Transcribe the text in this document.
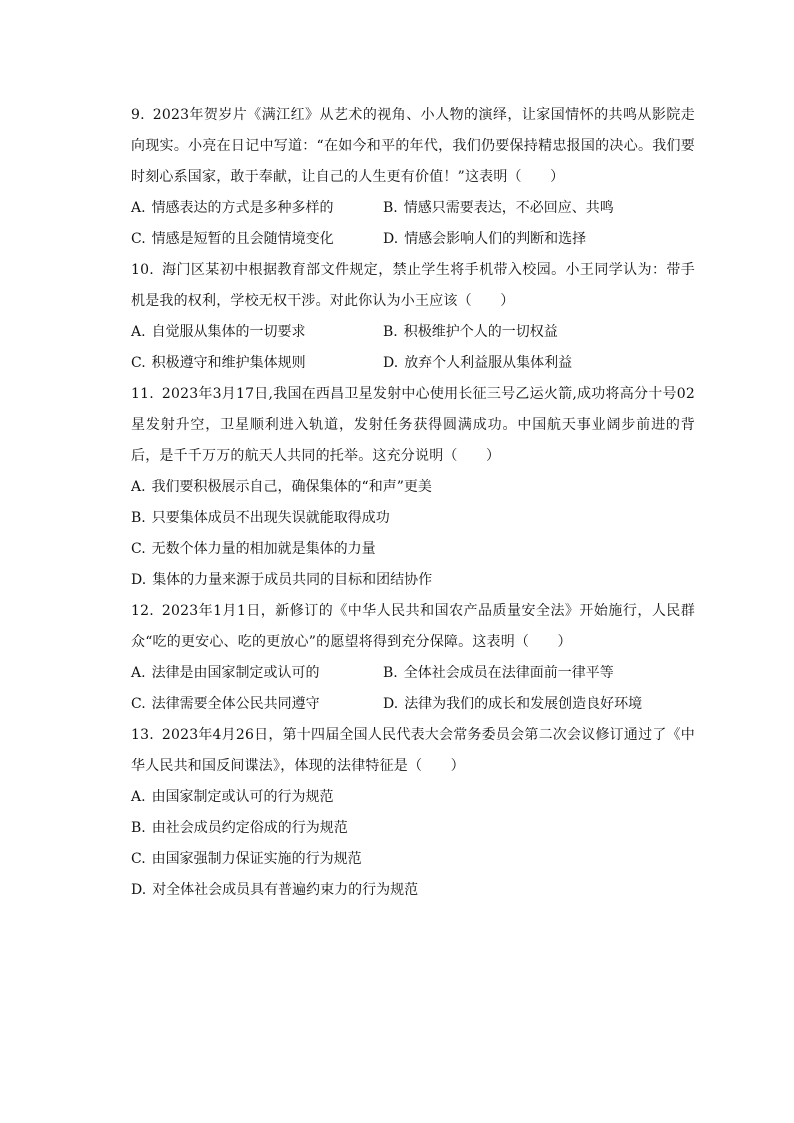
9. 2023年贺岁片《满江红》从艺术的视角、小人物的演绎，让家国情怀的共鸣从影院走向现实。小亮在日记中写道：“在如今和平的年代，我们仍要保持精忠报国的决心。我们要时刻心系国家，敢于奉献，让自己的人生更有价值！”这表明（　　）

A. 情感表达的方式是多种多样的	B. 情感只需要表达，不必回应、共鸣
C. 情感是短暂的且会随情境变化	D. 情感会影响人们的判断和选择

10. 海门区某初中根据教育部文件规定，禁止学生将手机带入校园。小王同学认为：带手机是我的权利，学校无权干涉。对此你认为小王应该（　　）

A. 自觉服从集体的一切要求	B. 积极维护个人的一切权益
C. 积极遵守和维护集体规则	D. 放弃个人利益服从集体利益

11. 2023年3月17日,我国在西昌卫星发射中心使用长征三号乙运火箭,成功将高分十号02星发射升空，卫星顺利进入轨道，发射任务获得圆满成功。中国航天事业阔步前进的背后，是千千万万的航天人共同的托举。这充分说明（　　）

A. 我们要积极展示自己，确保集体的“和声”更美
B. 只要集体成员不出现失误就能取得成功
C. 无数个体力量的相加就是集体的力量
D. 集体的力量来源于成员共同的目标和团结协作

12. 2023年1月1日，新修订的《中华人民共和国农产品质量安全法》开始施行，人民群众“吃的更安心、吃的更放心”的愿望将得到充分保障。这表明（　　）

A. 法律是由国家制定或认可的	B. 全体社会成员在法律面前一律平等
C. 法律需要全体公民共同遵守	D. 法律为我们的成长和发展创造良好环境

13. 2023年4月26日，第十四届全国人民代表大会常务委员会第二次会议修订通过了《中华人民共和国反间谍法》，体现的法律特征是（　　）

A. 由国家制定或认可的行为规范
B. 由社会成员约定俗成的行为规范
C. 由国家强制力保证实施的行为规范
D. 对全体社会成员具有普遍约束力的行为规范
